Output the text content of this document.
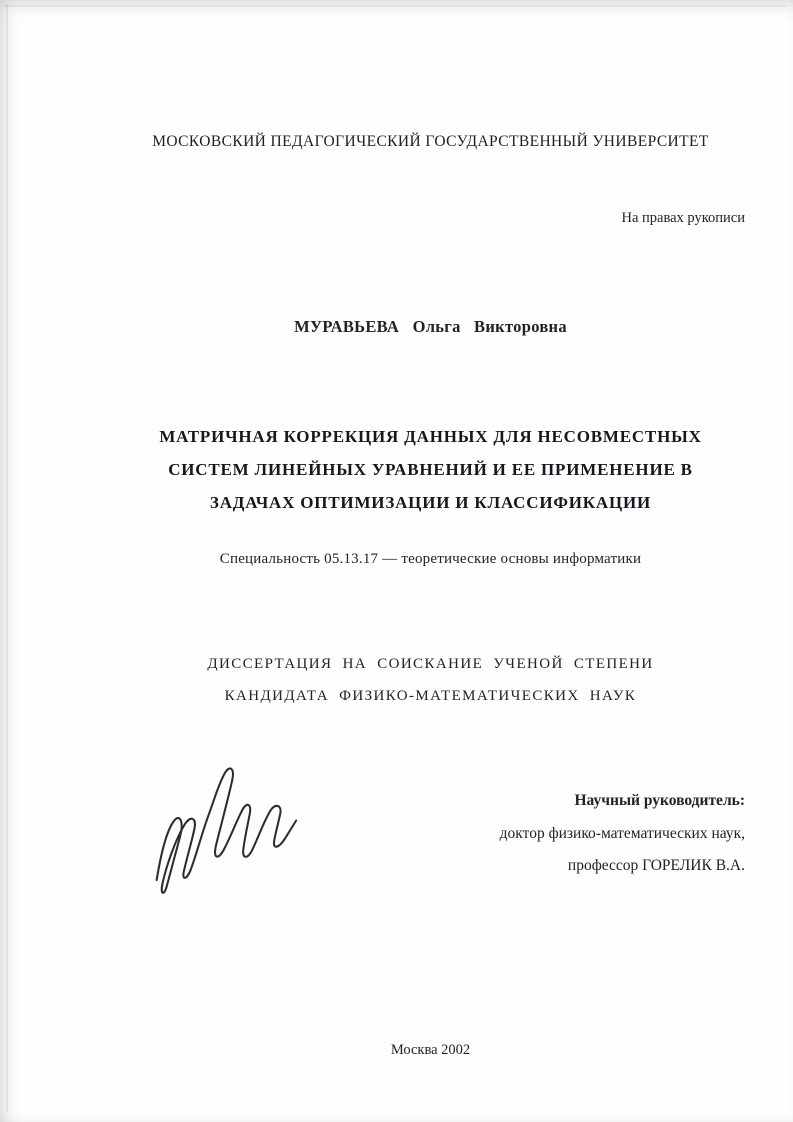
МОСКОВСКИЙ ПЕДАГОГИЧЕСКИЙ ГОСУДАРСТВЕННЫЙ УНИВЕРСИТЕТ
На правах рукописи
МУРАВЬЕВА Ольга Викторовна
МАТРИЧНАЯ КОРРЕКЦИЯ ДАННЫХ ДЛЯ НЕСОВМЕСТНЫХ
СИСТЕМ ЛИНЕЙНЫХ УРАВНЕНИЙ И ЕЕ ПРИМЕНЕНИЕ В
ЗАДАЧАХ ОПТИМИЗАЦИИ И КЛАССИФИКАЦИИ
Специальность 05.13.17 — теоретические основы информатики
ДИССЕРТАЦИЯ НА СОИСКАНИЕ УЧЕНОЙ СТЕПЕНИ
КАНДИДАТА ФИЗИКО-МАТЕМАТИЧЕСКИХ НАУК
Научный руководитель:
доктор физико-математических наук,
профессор ГОРЕЛИК В.А.
Москва 2002
